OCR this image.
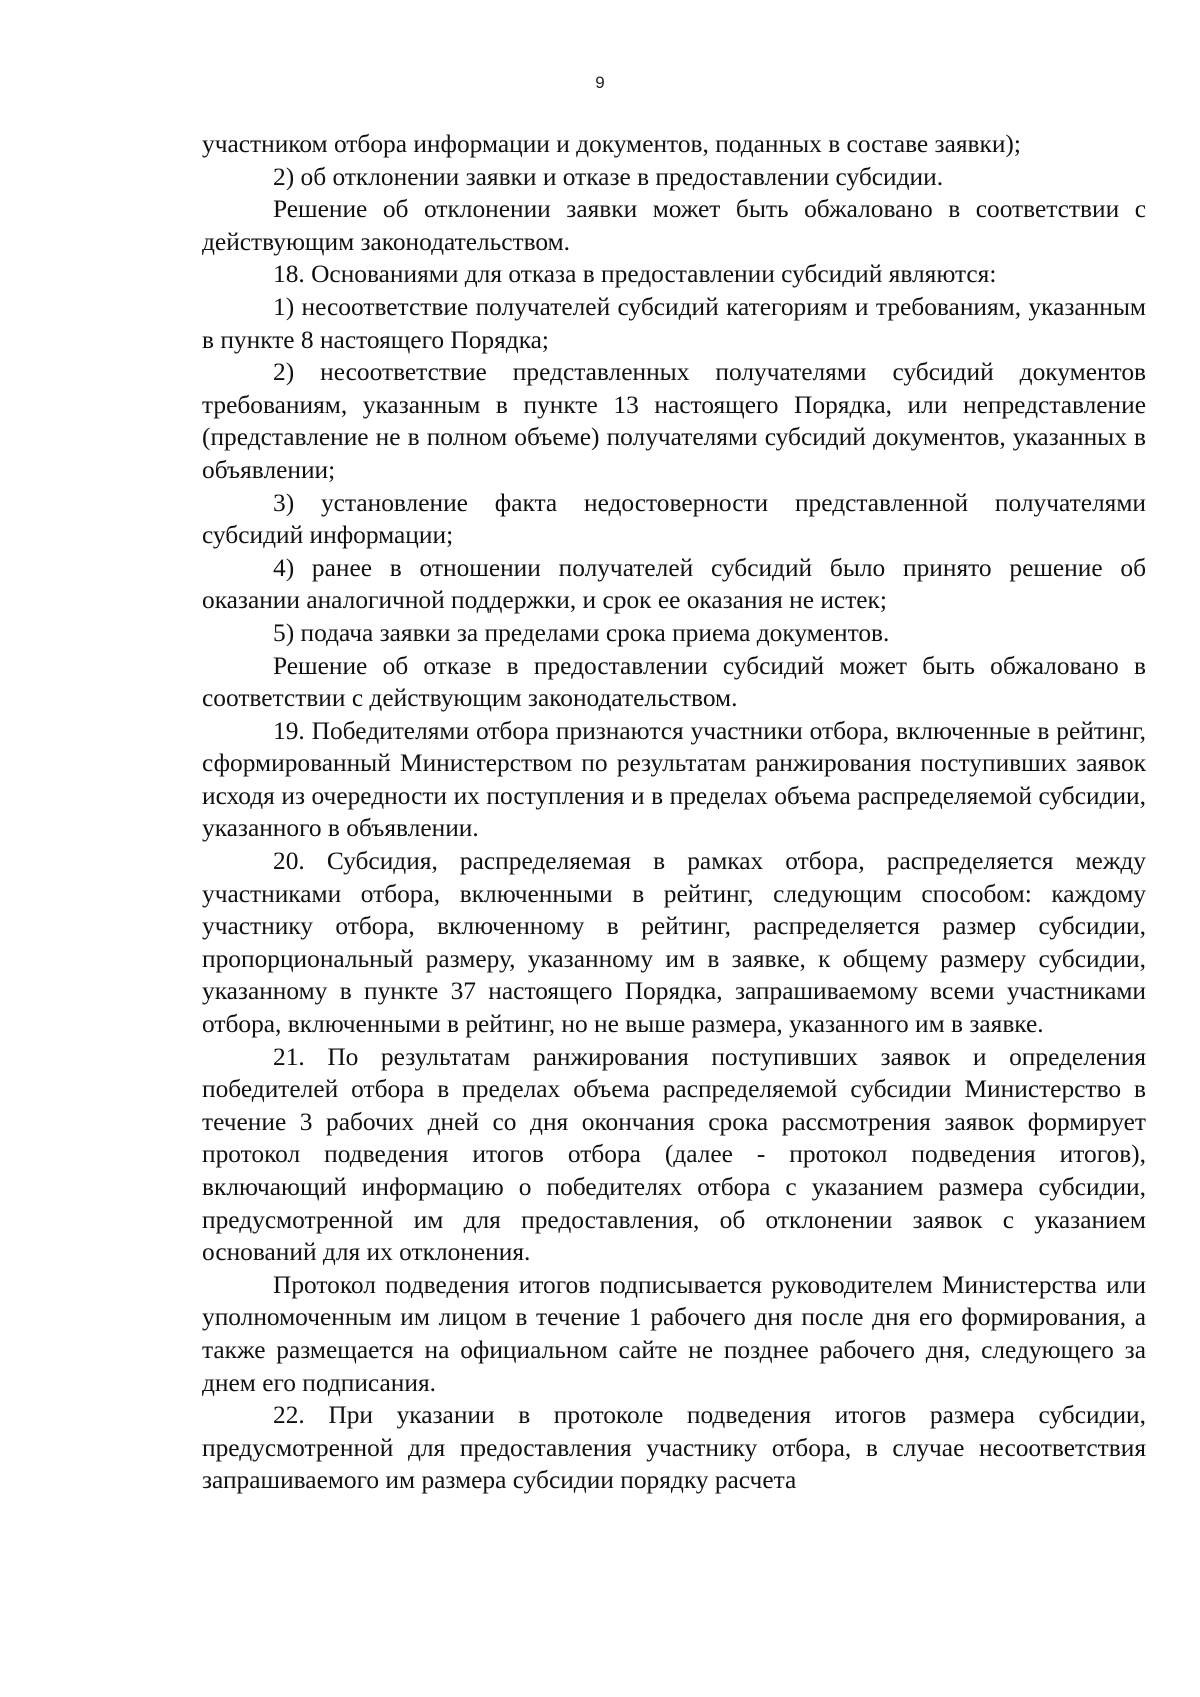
9

участником отбора информации и документов, поданных в составе заявки);

2) об отклонении заявки и отказе в предоставлении субсидии.

Решение об отклонении заявки может быть обжаловано в соответствии с действующим законодательством.

18. Основаниями для отказа в предоставлении субсидий являются:

1) несоответствие получателей субсидий категориям и требованиям, указанным в пункте 8 настоящего Порядка;

2) несоответствие представленных получателями субсидий документов требованиям, указанным в пункте 13 настоящего Порядка, или непредставление (представление не в полном объеме) получателями субсидий документов, указанных в объявлении;

3) установление факта недостоверности представленной получателями субсидий информации;

4) ранее в отношении получателей субсидий было принято решение об оказании аналогичной поддержки, и срок ее оказания не истек;

5) подача заявки за пределами срока приема документов.

Решение об отказе в предоставлении субсидий может быть обжаловано в соответствии с действующим законодательством.

19. Победителями отбора признаются участники отбора, включенные в рейтинг, сформированный Министерством по результатам ранжирования поступивших заявок исходя из очередности их поступления и в пределах объема распределяемой субсидии, указанного в объявлении.

20. Субсидия, распределяемая в рамках отбора, распределяется между участниками отбора, включенными в рейтинг, следующим способом: каждому участнику отбора, включенному в рейтинг, распределяется размер субсидии, пропорциональный размеру, указанному им в заявке, к общему размеру субсидии, указанному в пункте 37 настоящего Порядка, запрашиваемому всеми участниками отбора, включенными в рейтинг, но не выше размера, указанного им в заявке.

21. По результатам ранжирования поступивших заявок и определения победителей отбора в пределах объема распределяемой субсидии Министерство в течение 3 рабочих дней со дня окончания срока рассмотрения заявок формирует протокол подведения итогов отбора (далее - протокол подведения итогов), включающий информацию о победителях отбора с указанием размера субсидии, предусмотренной им для предоставления, об отклонении заявок с указанием оснований для их отклонения.

Протокол подведения итогов подписывается руководителем Министерства или уполномоченным им лицом в течение 1 рабочего дня после дня его формирования, а также размещается на официальном сайте не позднее рабочего дня, следующего за днем его подписания.

22. При указании в протоколе подведения итогов размера субсидии, предусмотренной для предоставления участнику отбора, в случае несоответствия запрашиваемого им размера субсидии порядку расчета
